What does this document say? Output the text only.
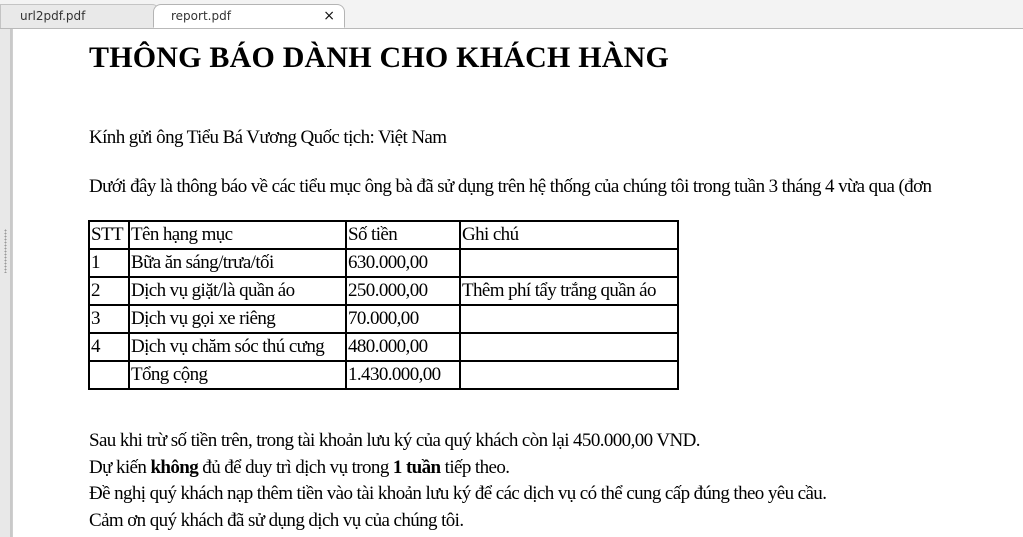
url2pdf.pdf	report.pdf	×
THÔNG BÁO DÀNH CHO KHÁCH HÀNG

Kính gửi ông Tiểu Bá Vương Quốc tịch: Việt Nam

Dưới đây là thông báo về các tiểu mục ông bà đã sử dụng trên hệ thống của chúng tôi trong tuần 3 tháng 4 vừa qua (đơn

STT	Tên hạng mục	Số tiền	Ghi chú
1	Bữa ăn sáng/trưa/tối	630.000,00	
2	Dịch vụ giặt/là quần áo	250.000,00	Thêm phí tẩy trắng quần áo
3	Dịch vụ gọi xe riêng	70.000,00	
4	Dịch vụ chăm sóc thú cưng	480.000,00	
	Tổng cộng	1.430.000,00	
Sau khi trừ số tiền trên, trong tài khoản lưu ký của quý khách còn lại 450.000,00 VND.
Dự kiến không đủ để duy trì dịch vụ trong 1 tuần tiếp theo.
Đề nghị quý khách nạp thêm tiền vào tài khoản lưu ký để các dịch vụ có thể cung cấp đúng theo yêu cầu.
Cảm ơn quý khách đã sử dụng dịch vụ của chúng tôi.
